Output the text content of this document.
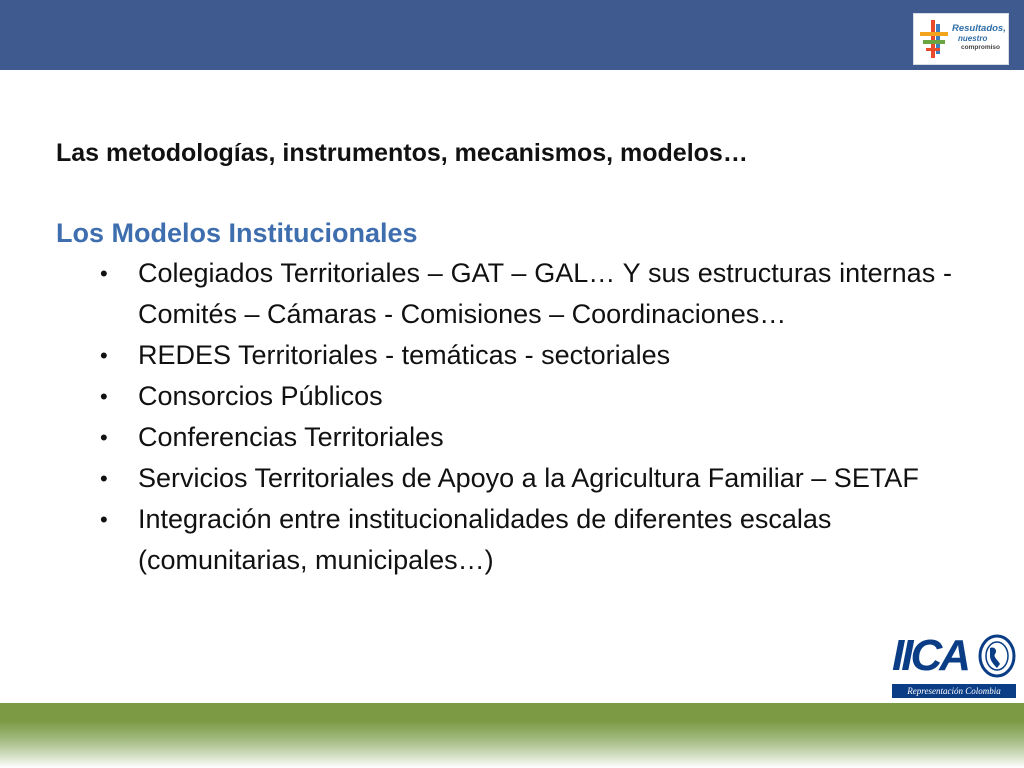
Resultados,
nuestro
compromiso

Las metodologías, instrumentos, mecanismos, modelos…

Los Modelos Institucionales

• Colegiados Territoriales – GAT – GAL… Y sus estructuras internas - Comités – Cámaras - Comisiones – Coordinaciones…
• REDES Territoriales - temáticas - sectoriales
• Consorcios Públicos
• Conferencias Territoriales
• Servicios Territoriales de Apoyo a la Agricultura Familiar – SETAF
• Integración entre institucionalidades de diferentes escalas (comunitarias, municipales…)
IICA
Representación Colombia
